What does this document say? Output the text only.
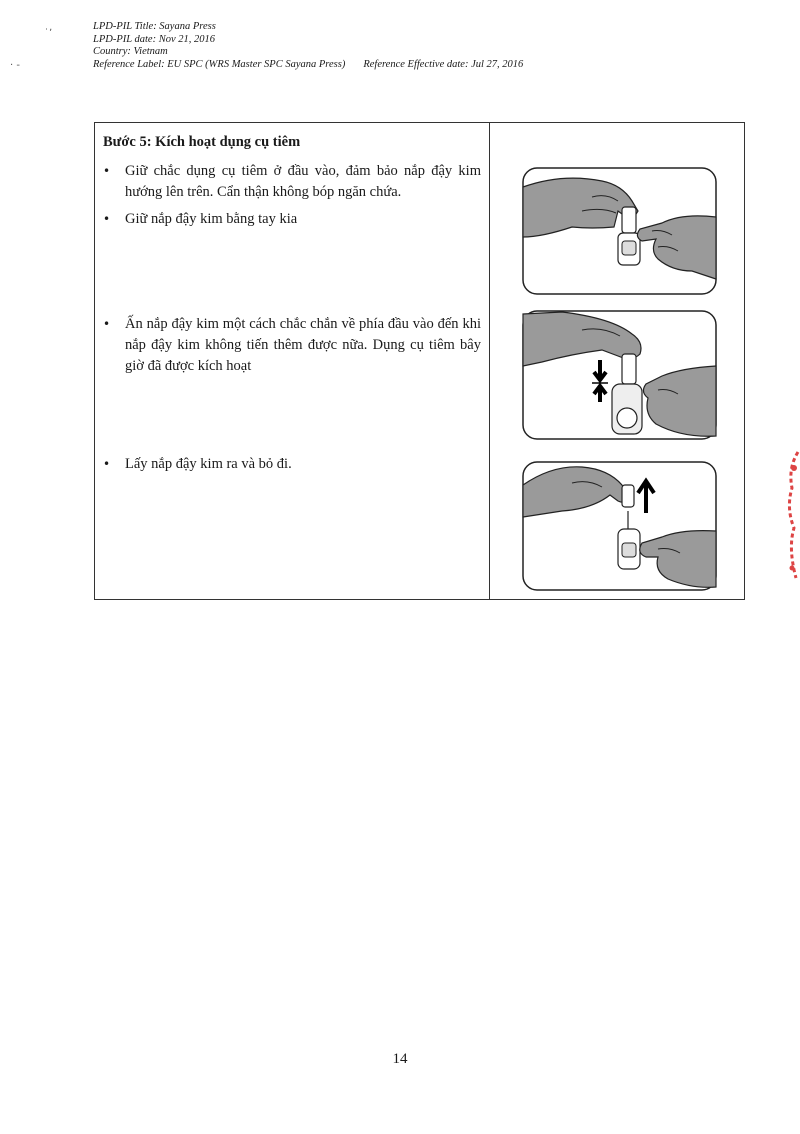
˙ʼ
· ‑
LPD-PIL Title: Sayana Press
LPD-PIL date: Nov 21, 2016
Country: Vietnam
Reference Label: EU SPC (WRS Master SPC Sayana Press) Reference Effective date: Jul 27, 2016
Bước 5: Kích hoạt dụng cụ tiêm
• Giữ chắc dụng cụ tiêm ở đầu vào, đảm bảo nắp đậy kim hướng lên trên. Cẩn thận không bóp ngăn chứa.
• Giữ nắp đậy kim bằng tay kia
• Ấn nắp đậy kim một cách chắc chắn về phía đầu vào đến khi nắp đậy kim không tiến thêm được nữa. Dụng cụ tiêm bây giờ đã được kích hoạt
• Lấy nắp đậy kim ra và bỏ đi.
14
